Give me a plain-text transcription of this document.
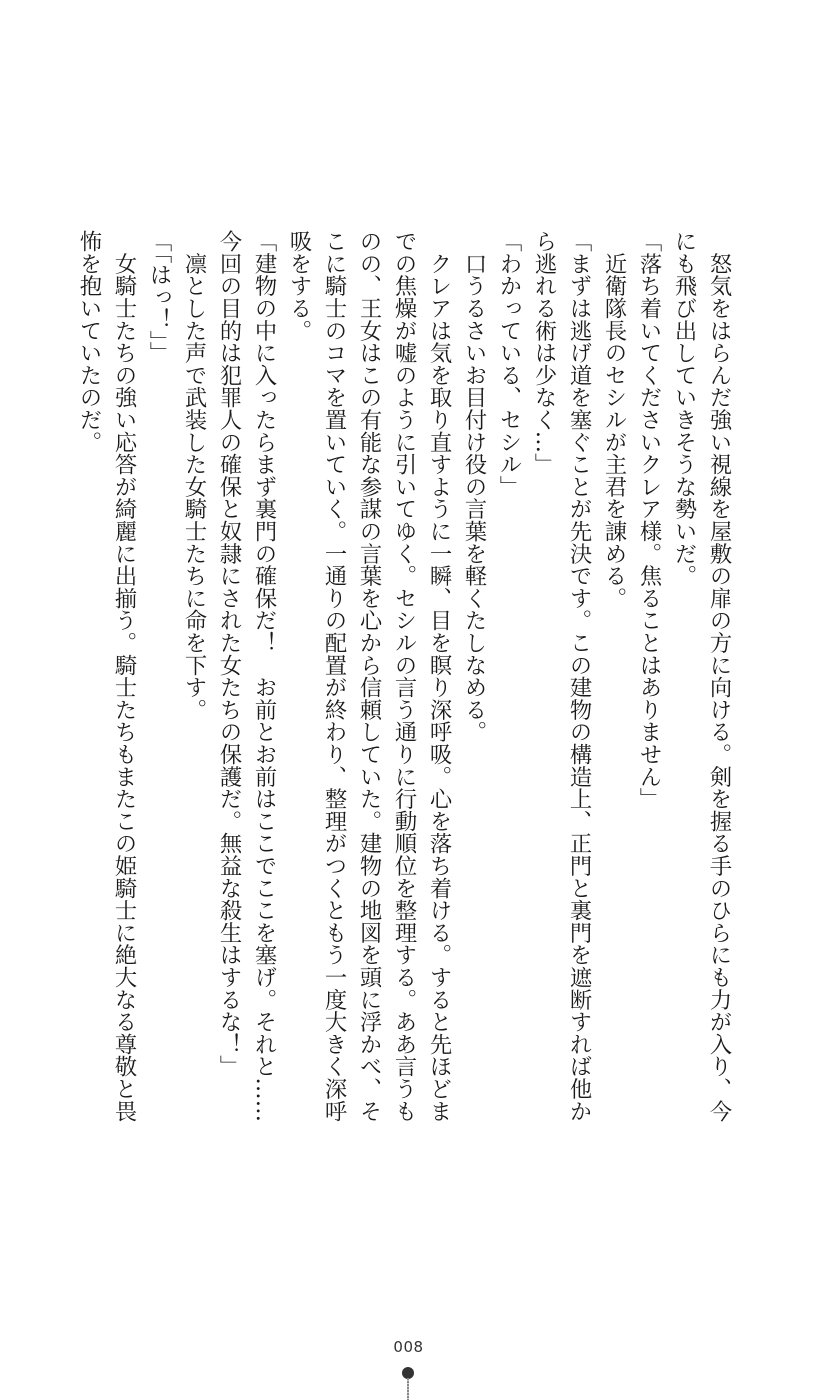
　怒気をはらんだ強い視線を屋敷の扉の方に向ける。剣を握る手のひらにも力が入り、今
にも飛び出していきそうな勢いだ。
「落ち着いてくださいクレア様。焦ることはありません」
　近衛隊長のセシルが主君を諌める。
「まずは逃げ道を塞ぐことが先決です。この建物の構造上、正門と裏門を遮断すれば他か
ら逃れる術は少なく…」
「わかっている、セシル」
　口うるさいお目付け役の言葉を軽くたしなめる。
　クレアは気を取り直すように一瞬、目を瞑り深呼吸。心を落ち着ける。すると先ほどま
での焦燥が嘘のように引いてゆく。セシルの言う通りに行動順位を整理する。ああ言うも
のの、王女はこの有能な参謀の言葉を心から信頼していた。建物の地図を頭に浮かべ、そ
こに騎士のコマを置いていく。一通りの配置が終わり、整理がつくともう一度大きく深呼
吸をする。
「建物の中に入ったらまず裏門の確保だ！　お前とお前はここでここを塞げ。それと……
今回の目的は犯罪人の確保と奴隷にされた女たちの保護だ。無益な殺生はするな！」
　凛とした声で武装した女騎士たちに命を下す。
「「はっ！」」
　女騎士たちの強い応答が綺麗に出揃う。騎士たちもまたこの姫騎士に絶大なる尊敬と畏
怖を抱いていたのだ。
008
